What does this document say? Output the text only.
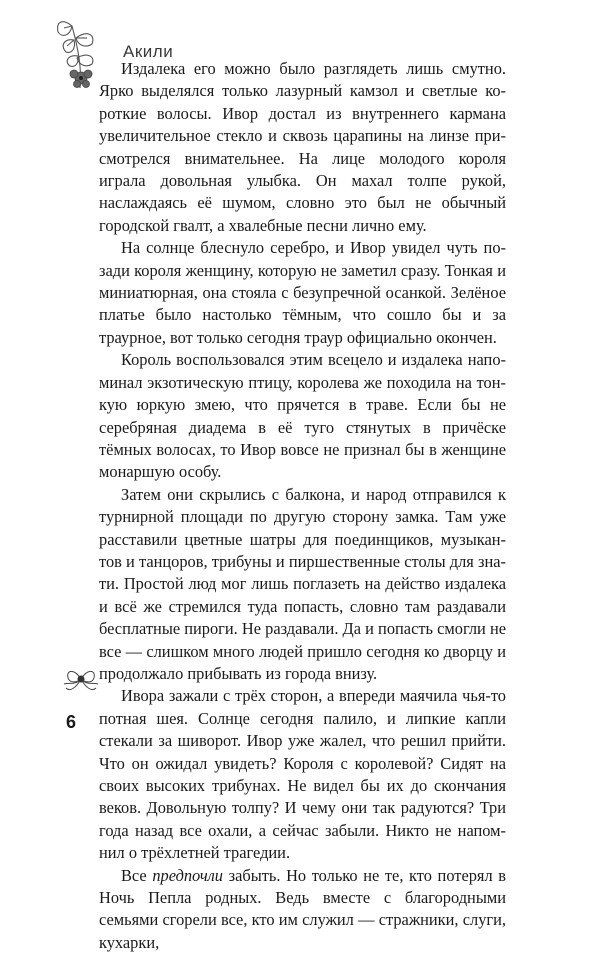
Акили

Издалека его можно было разглядеть лишь смутно. Ярко выделялся только лазурный камзол и светлые короткие волосы. Ивор достал из внутреннего кармана увеличительное стекло и сквозь царапины на линзе присмотрелся внимательнее. На лице молодого короля играла довольная улыбка. Он махал толпе рукой, наслаждаясь её шумом, словно это был не обычный городской гвалт, а хвалебные песни лично ему.

На солнце блеснуло серебро, и Ивор увидел чуть позади короля женщину, которую не заметил сразу. Тонкая и миниатюрная, она стояла с безупречной осанкой. Зелёное платье было настолько тёмным, что сошло бы и за траурное, вот только сегодня траур официально окончен.

Король воспользовался этим всецело и издалека напоминал экзотическую птицу, королева же походила на тонкую юркую змею, что прячется в траве. Если бы не серебряная диадема в её туго стянутых в причёске тёмных волосах, то Ивор вовсе не признал бы в женщине монаршую особу.

Затем они скрылись с балкона, и народ отправился к турнирной площади по другую сторону замка. Там уже расставили цветные шатры для поединщиков, музыкантов и танцоров, трибуны и пиршественные столы для знати. Простой люд мог лишь поглазеть на действо издалека и всё же стремился туда попасть, словно там раздавали бесплатные пироги. Не раздавали. Да и попасть смогли не все — слишком много людей пришло сегодня ко дворцу и продолжало прибывать из города внизу.

Ивора зажали с трёх сторон, а впереди маячила чья-то потная шея. Солнце сегодня палило, и липкие капли стекали за шиворот. Ивор уже жалел, что решил прийти. Что он ожидал увидеть? Короля с королевой? Сидят на своих высоких трибунах. Не видел бы их до скончания веков. Довольную толпу? И чему они так радуются? Три года назад все охали, а сейчас забыли. Никто не напомнил о трёхлетней трагедии.

Все предпочли забыть. Но только не те, кто потерял в Ночь Пепла родных. Ведь вместе с благородными семьями сгорели все, кто им служил — стражники, слуги, кухарки,

6
